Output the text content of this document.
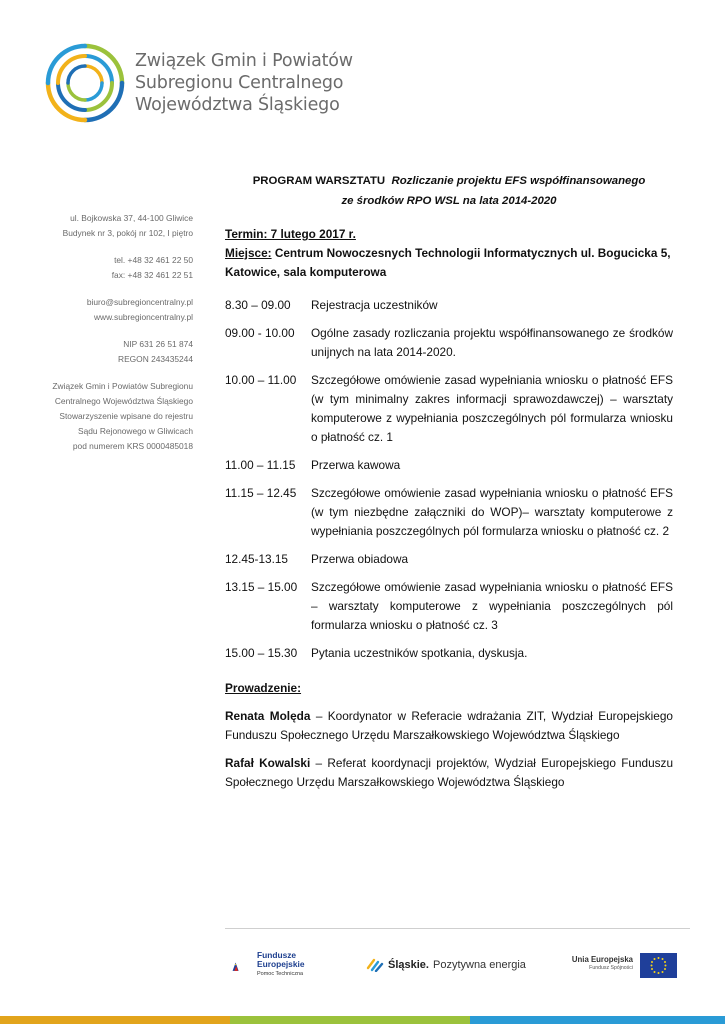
Związek Gmin i Powiatów
Subregionu Centralnego
Województwa Śląskiego
ul. Bojkowska 37, 44-100 Gliwice
Budynek nr 3, pokój nr 102, I piętro
tel. +48 32 461 22 50
fax: +48 32 461 22 51
biuro@subregioncentralny.pl
www.subregioncentralny.pl
NIP 631 26 51 874
REGON 243435244
Związek Gmin i Powiatów Subregionu
Centralnego Województwa Śląskiego
Stowarzyszenie wpisane do rejestru
Sądu Rejonowego w Gliwicach
pod numerem KRS 0000485018
PROGRAM WARSZTATU Rozliczanie projektu EFS współfinansowanego
ze środków RPO WSL na lata 2014-2020
Termin: 7 lutego 2017 r.
Miejsce: Centrum Nowoczesnych Technologii Informatycznych ul. Bogucicka 5, Katowice, sala komputerowa
8.30 – 09.00	Rejestracja uczestników
09.00 - 10.00	Ogólne zasady rozliczania projektu współfinansowanego ze środków unijnych na lata 2014-2020.
10.00 – 11.00	Szczegółowe omówienie zasad wypełniania wniosku o płatność EFS (w tym minimalny zakres informacji sprawozdawczej) – warsztaty komputerowe z wypełniania poszczególnych pól formularza wniosku o płatność cz. 1
11.00 – 11.15	Przerwa kawowa
11.15 – 12.45	Szczegółowe omówienie zasad wypełniania wniosku o płatność EFS (w tym niezbędne załączniki do WOP)– warsztaty komputerowe z wypełniania poszczególnych pól formularza wniosku o płatność cz. 2
12.45-13.15	Przerwa obiadowa
13.15 – 15.00	Szczegółowe omówienie zasad wypełniania wniosku o płatność EFS – warsztaty komputerowe z wypełniania poszczególnych pól formularza wniosku o płatność cz. 3
15.00 – 15.30	Pytania uczestników spotkania, dyskusja.
Prowadzenie:
Renata Molęda – Koordynator w Referacie wdrażania ZIT, Wydział Europejskiego Funduszu Społecznego Urzędu Marszałkowskiego Województwa Śląskiego
Rafał Kowalski – Referat koordynacji projektów, Wydział Europejskiego Funduszu Społecznego Urzędu Marszałkowskiego Województwa Śląskiego
Fundusze
Europejskie
Pomoc Techniczna
Śląskie. Pozytywna energia	Unia Europejska
Fundusz Spójności
